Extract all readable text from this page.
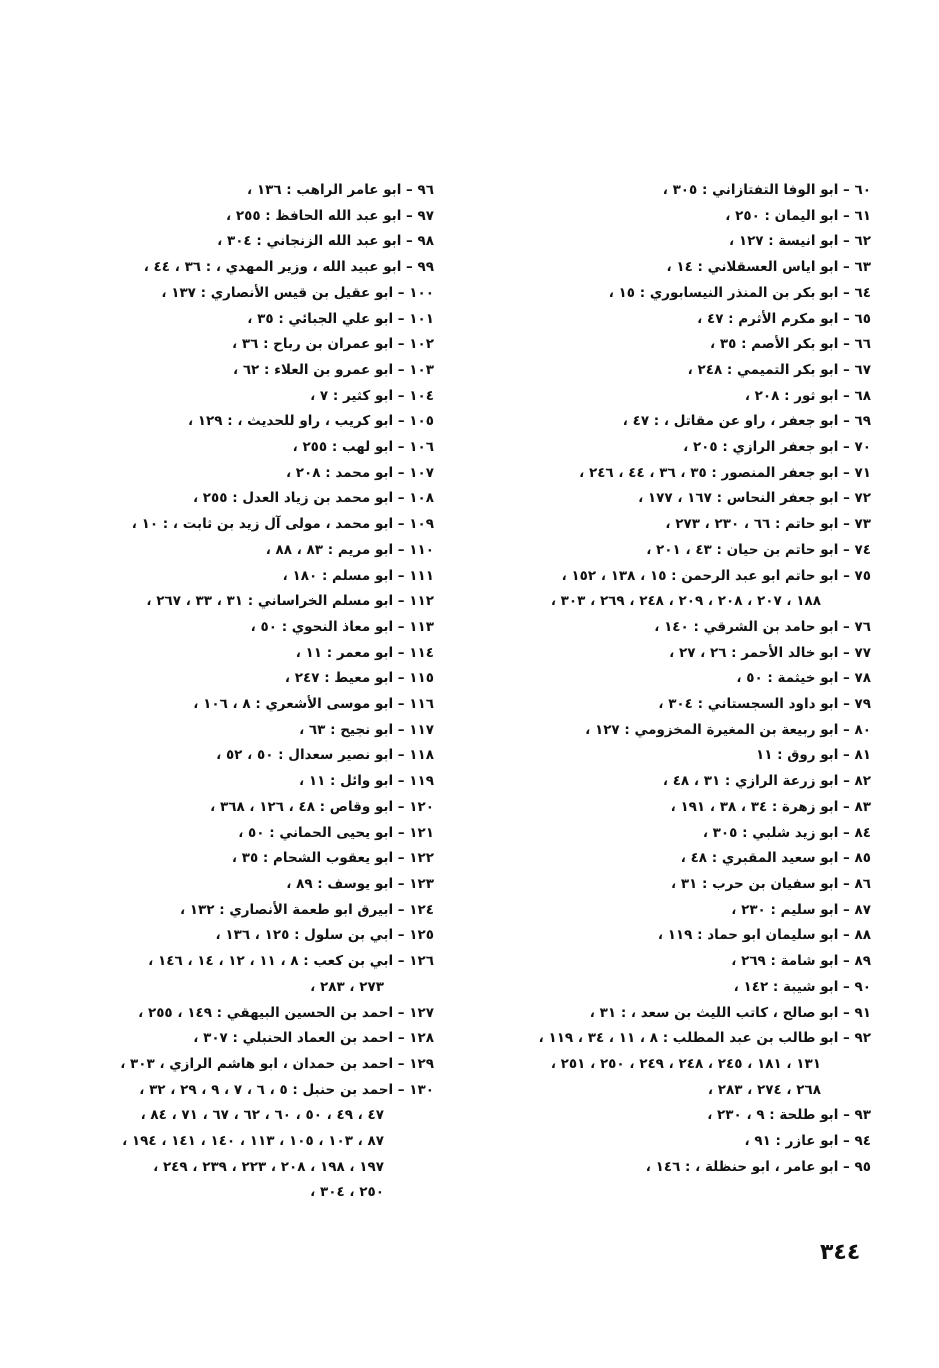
٦٠ – ابو الوفا التفتازاني : ٣٠٥ ،
٦١ – ابو اليمان : ٢٥٠ ،
٦٢ – ابو انيسة : ١٢٧ ،
٦٣ – ابو اياس العسقلاني : ١٤ ،
٦٤ – ابو بكر بن المنذر النيسابوري : ١٥ ،
٦٥ – ابو مكرم الأثرم : ٤٧ ،
٦٦ – ابو بكر الأصم : ٣٥ ،
٦٧ – ابو بكر التميمي : ٢٤٨ ،
٦٨ – ابو ثور : ٢٠٨ ،
٦٩ – ابو جعفر ، راو عن مقاتل ، : ٤٧ ،
٧٠ – ابو جعفر الرازي : ٢٠٥ ،
٧١ – ابو جعفر المنصور : ٣٥ ، ٣٦ ، ٤٤ ، ٢٤٦ ،
٧٢ – ابو جعفر النحاس : ١٦٧ ، ١٧٧ ،
٧٣ – ابو حاتم : ٦٦ ، ٢٣٠ ، ٢٧٣ ،
٧٤ – ابو حاتم بن حيان : ٤٣ ، ٢٠١ ،
٧٥ – ابو حاتم ابو عبد الرحمن : ١٥ ، ١٣٨ ، ١٥٢ ،
١٨٨ ، ٢٠٧ ، ٢٠٨ ، ٢٠٩ ، ٢٤٨ ، ٢٦٩ ، ٣٠٣ ،
٧٦ – ابو حامد بن الشرقي : ١٤٠ ،
٧٧ – ابو خالد الأحمر : ٢٦ ، ٢٧ ،
٧٨ – ابو خيثمة : ٥٠ ،
٧٩ – ابو داود السجستاني : ٣٠٤ ،
٨٠ – ابو ربيعة بن المغيرة المخزومي : ١٢٧ ،
٨١ – ابو روق : ١١
٨٢ – ابو زرعة الرازي : ٣١ ، ٤٨ ،
٨٣ – ابو زهرة : ٣٤ ، ٣٨ ، ١٩١ ،
٨٤ – ابو زيد شلبي : ٣٠٥ ،
٨٥ – ابو سعيد المقبري : ٤٨ ،
٨٦ – ابو سفيان بن حرب : ٣١ ،
٨٧ – ابو سليم : ٢٣٠ ،
٨٨ – ابو سليمان ابو حماد : ١١٩ ،
٨٩ – ابو شامة : ٢٦٩ ،
٩٠ – ابو شيبة : ١٤٢ ،
٩١ – ابو صالح ، كاتب الليث بن سعد ، : ٣١ ،
٩٢ – ابو طالب بن عبد المطلب : ٨ ، ١١ ، ٣٤ ، ١١٩ ،
١٣١ ، ١٨١ ، ٢٤٥ ، ٢٤٨ ، ٢٤٩ ، ٢٥٠ ، ٢٥١ ،
٢٦٨ ، ٢٧٤ ، ٢٨٣ ،
٩٣ – ابو طلحة : ٩ ، ٢٣٠ ،
٩٤ – ابو عازر : ٩١ ،
٩٥ – ابو عامر ، ابو حنظلة ، : ١٤٦ ،
٩٦ – ابو عامر الراهب : ١٣٦ ،
٩٧ – ابو عبد الله الحافظ : ٢٥٥ ،
٩٨ – ابو عبد الله الزنجاني : ٣٠٤ ،
٩٩ – ابو عبيد الله ، وزير المهدي ، : ٣٦ ، ٤٤ ،
١٠٠ – ابو عقيل بن قيس الأنصاري : ١٣٧ ،
١٠١ – ابو علي الجبائي : ٣٥ ،
١٠٢ – ابو عمران بن رباح : ٣٦ ،
١٠٣ – ابو عمرو بن العلاء : ٦٢ ،
١٠٤ – ابو كثير : ٧ ،
١٠٥ – ابو كريب ، راو للحديث ، : ١٢٩ ،
١٠٦ – ابو لهب : ٢٥٥ ،
١٠٧ – ابو محمد : ٢٠٨ ،
١٠٨ – ابو محمد بن زياد العدل : ٢٥٥ ،
١٠٩ – ابو محمد ، مولى آل زيد بن ثابت ، : ١٠ ،
١١٠ – ابو مريم : ٨٣ ، ٨٨ ،
١١١ – ابو مسلم : ١٨٠ ،
١١٢ – ابو مسلم الخراساني : ٣١ ، ٣٣ ، ٢٦٧ ،
١١٣ – ابو معاذ النحوي : ٥٠ ،
١١٤ – ابو معمر : ١١ ،
١١٥ – ابو معيط : ٢٤٧ ،
١١٦ – ابو موسى الأشعري : ٨ ، ١٠٦ ،
١١٧ – ابو نجيح : ٦٣ ،
١١٨ – ابو نصير سعدال : ٥٠ ، ٥٢ ،
١١٩ – ابو وائل : ١١ ،
١٢٠ – ابو وقاص : ٤٨ ، ١٢٦ ، ٣٦٨ ،
١٢١ – ابو يحيى الحماني : ٥٠ ،
١٢٢ – ابو يعقوب الشحام : ٣٥ ،
١٢٣ – ابو يوسف : ٨٩ ،
١٢٤ – ابيرق ابو طعمة الأنصاري : ١٣٢ ،
١٢٥ – ابي بن سلول : ١٢٥ ، ١٣٦ ،
١٢٦ – ابي بن كعب : ٨ ، ١١ ، ١٢ ، ١٤ ، ١٤٦ ،
٢٧٣ ، ٢٨٣ ،
١٢٧ – احمد بن الحسين البيهقي : ١٤٩ ، ٢٥٥ ،
١٢٨ – احمد بن العماد الحنبلي : ٣٠٧ ،
١٢٩ – احمد بن حمدان ، ابو هاشم الرازي ، ٣٠٣ ،
١٣٠ – احمد بن حنبل : ٥ ، ٦ ، ٧ ، ٩ ، ٢٩ ، ٣٢ ،
٤٧ ، ٤٩ ، ٥٠ ، ٦٠ ، ٦٢ ، ٦٧ ، ٧١ ، ٨٤ ،
٨٧ ، ١٠٣ ، ١٠٥ ، ١١٣ ، ١٤٠ ، ١٤١ ، ١٩٤ ،
١٩٧ ، ١٩٨ ، ٢٠٨ ، ٢٢٣ ، ٢٣٩ ، ٢٤٩ ،
٢٥٠ ، ٣٠٤ ،
٣٤٤
